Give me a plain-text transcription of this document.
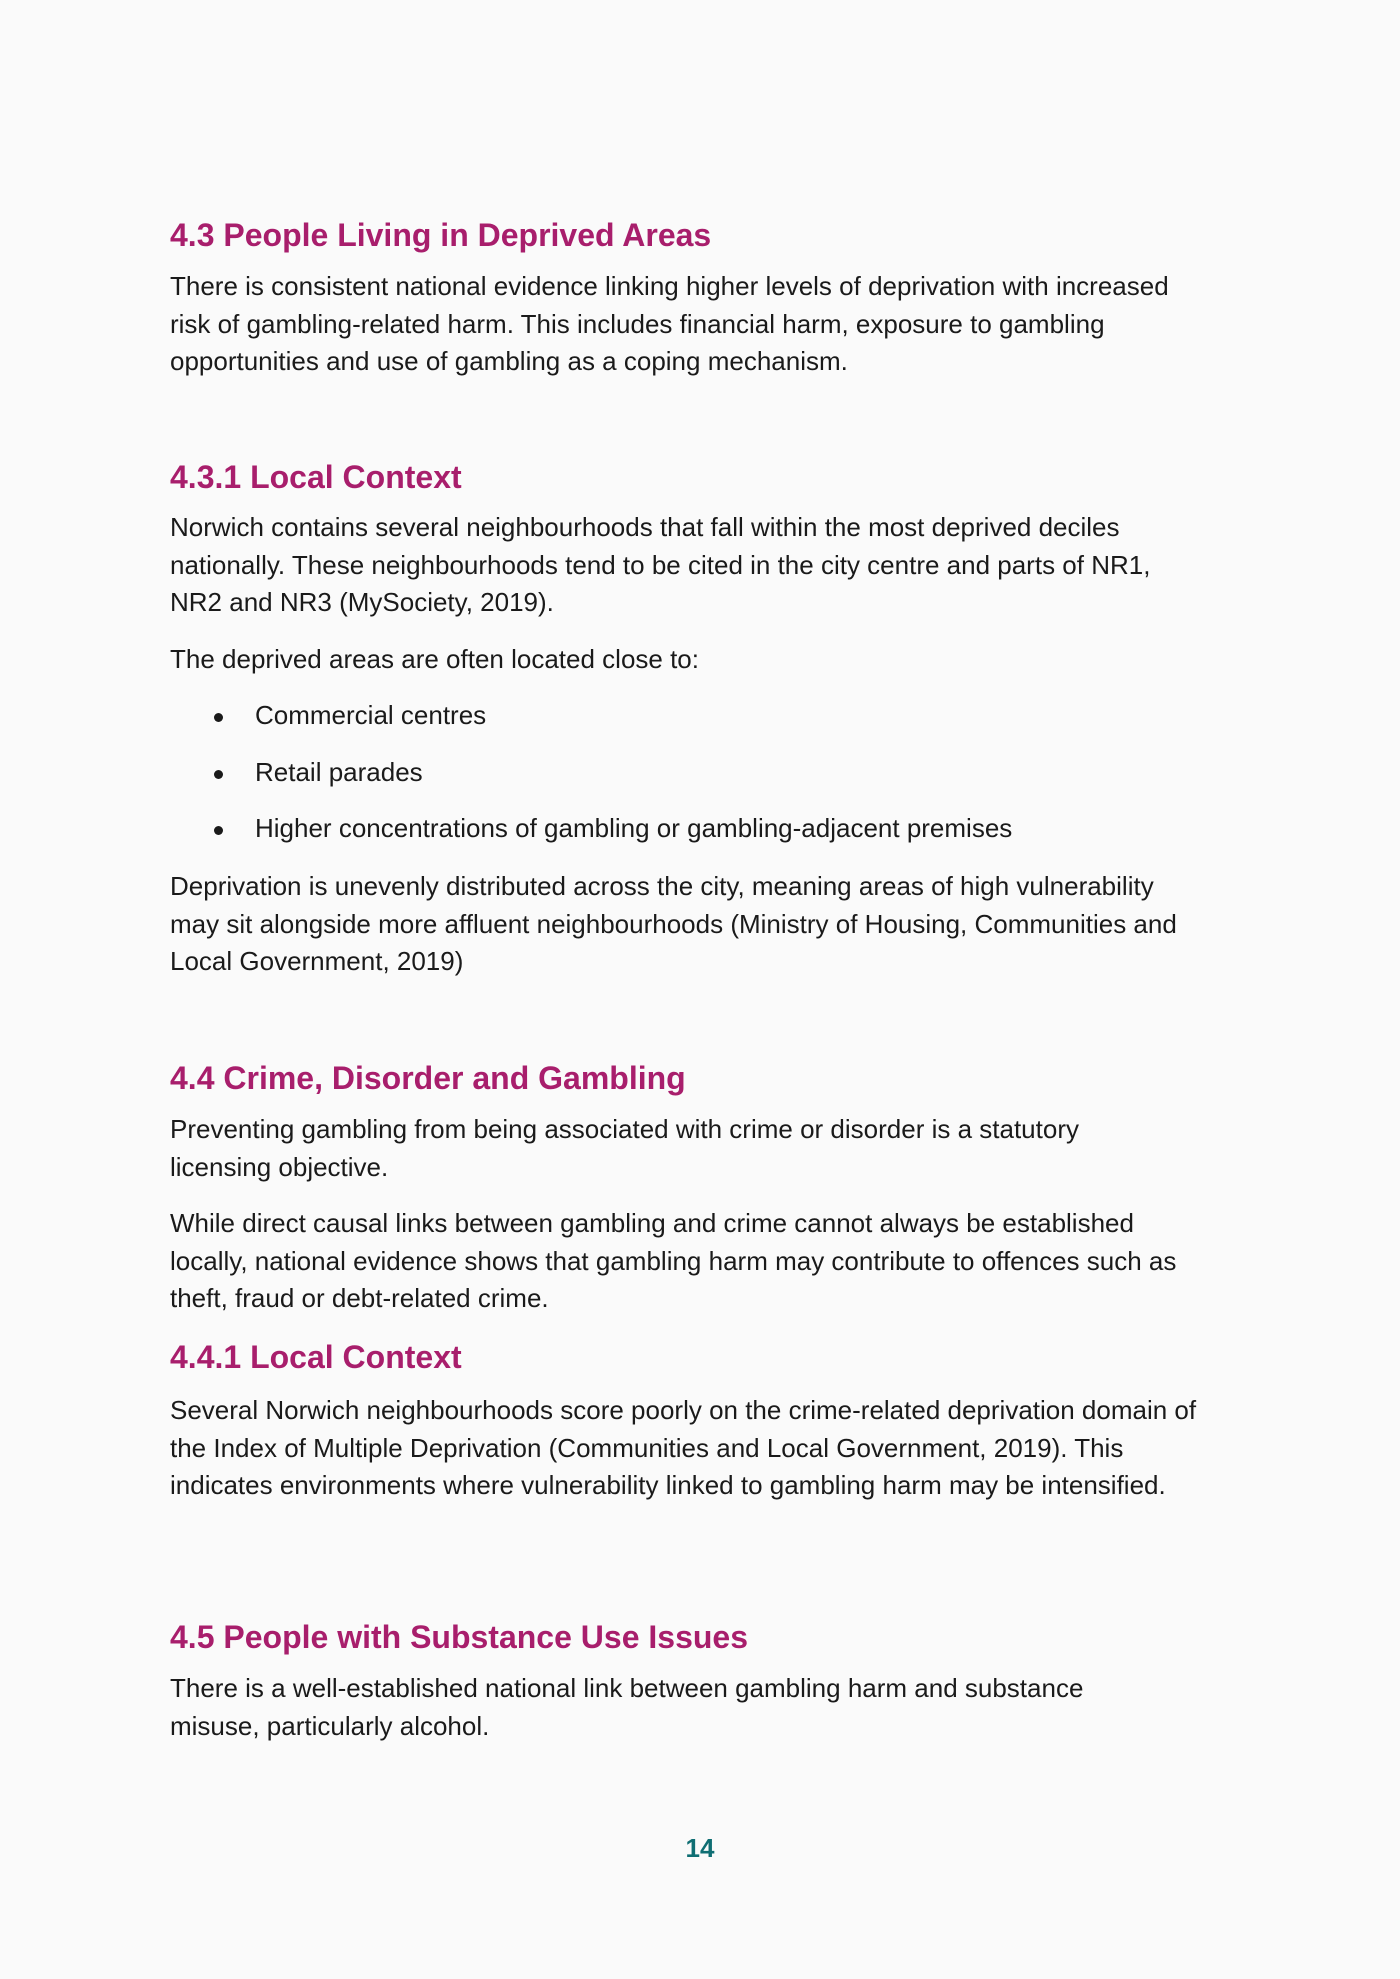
4.3 People Living in Deprived Areas

There is consistent national evidence linking higher levels of deprivation with increased risk of gambling-related harm. This includes financial harm, exposure to gambling opportunities and use of gambling as a coping mechanism.

4.3.1 Local Context

Norwich contains several neighbourhoods that fall within the most deprived deciles nationally. These neighbourhoods tend to be cited in the city centre and parts of NR1, NR2 and NR3 (MySociety, 2019).

The deprived areas are often located close to:

Commercial centres
Retail parades
Higher concentrations of gambling or gambling-adjacent premises

Deprivation is unevenly distributed across the city, meaning areas of high vulnerability may sit alongside more affluent neighbourhoods (Ministry of Housing, Communities and Local Government, 2019)

4.4 Crime, Disorder and Gambling

Preventing gambling from being associated with crime or disorder is a statutory licensing objective.

While direct causal links between gambling and crime cannot always be established locally, national evidence shows that gambling harm may contribute to offences such as theft, fraud or debt-related crime.

4.4.1 Local Context

Several Norwich neighbourhoods score poorly on the crime-related deprivation domain of the Index of Multiple Deprivation (Communities and Local Government, 2019). This indicates environments where vulnerability linked to gambling harm may be intensified.

4.5 People with Substance Use Issues

There is a well-established national link between gambling harm and substance misuse, particularly alcohol.

14
